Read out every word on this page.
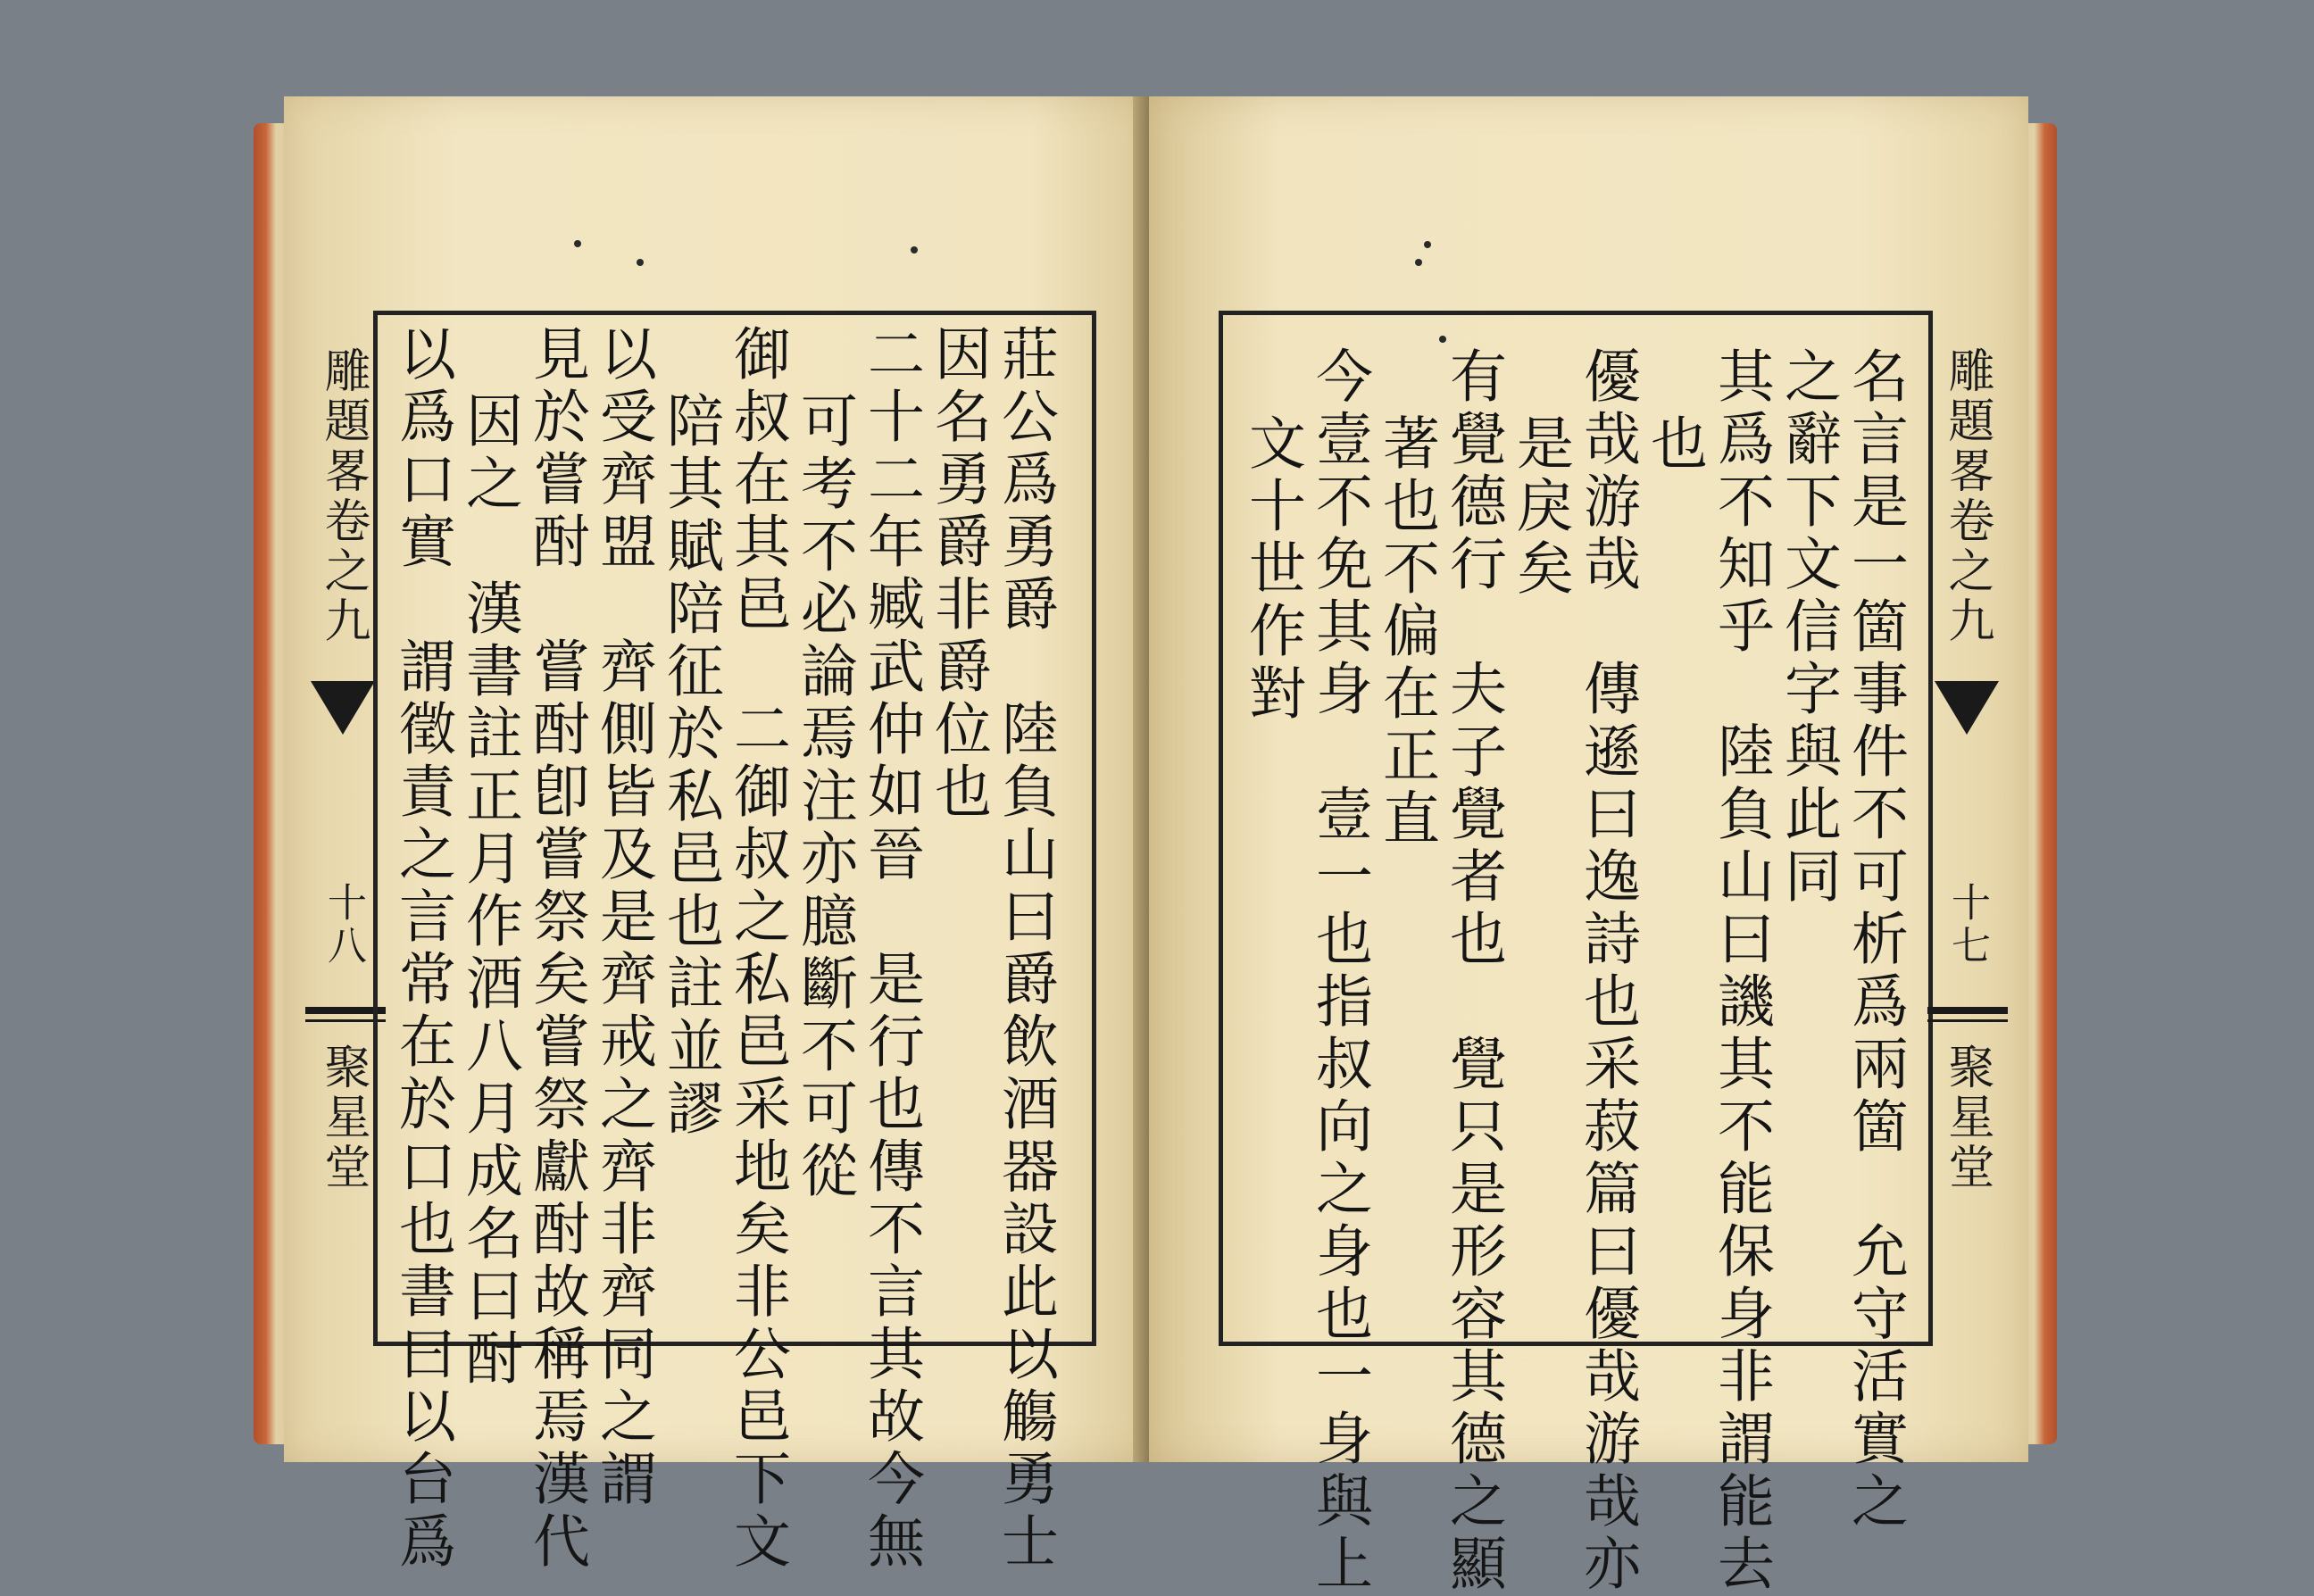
雕題畧卷之九
十八
聚星堂	莊公爲勇爵　陸負山曰爵飲酒器設此以觴勇士
因名勇爵非爵位也
二十二年臧武仲如晉　是行也傳不言其故今無
可考不必論焉注亦臆斷不可從
御叔在其邑　二御叔之私邑采地矣非公邑下文
陪其賦陪征於私邑也註並謬
以受齊盟　齊側皆及是齊戒之齊非齊同之謂
見於嘗酎　嘗酎卽嘗祭矣嘗祭獻酎故稱焉漢代
因之　漢書註正月作酒八月成名曰酎
以爲口實　謂徵責之言常在於口也書曰以台爲	名言是一箇事件不可析爲兩箇　允守活實之
之辭下文信字與此同
其爲不知乎　陸負山曰譏其不能保身非謂能去
也
優哉游哉　傳遜曰逸詩也采菽篇曰優哉游哉亦
是戾矣
有覺德行　夫子覺者也　覺只是形容其德之顯
著也不偏在正直
今壹不免其身　壹一也指叔向之身也一身與上
文十世作對	雕題畧卷之九
十七
聚星堂
